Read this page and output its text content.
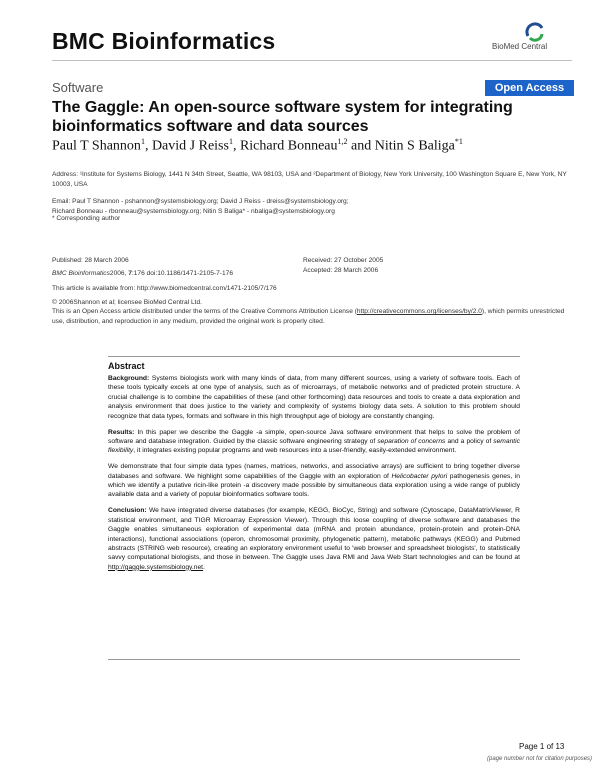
BMC Bioinformatics	BioMed Central
Software	Open Access
The Gaggle: An open-source software system for integrating bioinformatics software and data sources
Paul T Shannon$^1$, David J Reiss$^1$, Richard Bonneau$^{1,2}$ and Nitin S Baliga$^{*1}$
Address: ¹Institute for Systems Biology, 1441 N 34th Street, Seattle, WA 98103, USA and ²Department of Biology, New York University, 100 Washington Square E, New York, NY 10003, USA
Email: Paul T Shannon - pshannon@systemsbiology.org; David J Reiss - dreiss@systemsbiology.org;
Richard Bonneau - rbonneau@systemsbiology.org; Nitin S Baliga* - nbaliga@systemsbiology.org
* Corresponding author
Published: 28 March 2006	Received: 27 October 2005
Accepted: 28 March 2006
BMC Bioinformatics2006, 7:176 doi:10.1186/1471-2105-7-176
This article is available from: http://www.biomedcentral.com/1471-2105/7/176
© 2006Shannon et al; licensee BioMed Central Ltd.
This is an Open Access article distributed under the terms of the Creative Commons Attribution License (http://creativecommons.org/licenses/by/2.0), which permits unrestricted use, distribution, and reproduction in any medium, provided the original work is properly cited.
Abstract

Background: Systems biologists work with many kinds of data, from many different sources, using a variety of software tools. Each of these tools typically excels at one type of analysis, such as of microarrays, of metabolic networks and of predicted protein structure. A crucial challenge is to combine the capabilities of these (and other forthcoming) data resources and tools to create a data exploration and analysis environment that does justice to the variety and complexity of systems biology data sets. A solution to this problem should recognize that data types, formats and software in this high throughput age of biology are constantly changing.

Results: In this paper we describe the Gaggle -a simple, open-source Java software environment that helps to solve the problem of software and database integration. Guided by the classic software engineering strategy of separation of concerns and a policy of semantic flexibility, it integrates existing popular programs and web resources into a user-friendly, easily-extended environment.

We demonstrate that four simple data types (names, matrices, networks, and associative arrays) are sufficient to bring together diverse databases and software. We highlight some capabilities of the Gaggle with an exploration of Helicobacter pylori pathogenesis genes, in which we identify a putative ricin-like protein -a discovery made possible by simultaneous data exploration using a wide range of publicly available data and a variety of popular bioinformatics software tools.

Conclusion: We have integrated diverse databases (for example, KEGG, BioCyc, String) and software (Cytoscape, DataMatrixViewer, R statistical environment, and TIGR Microarray Expression Viewer). Through this loose coupling of diverse software and databases the Gaggle enables simultaneous exploration of experimental data (mRNA and protein abundance, protein-protein and protein-DNA interactions), functional associations (operon, chromosomal proximity, phylogenetic pattern), metabolic pathways (KEGG) and Pubmed abstracts (STRING web resource), creating an exploratory environment useful to 'web browser and spreadsheet biologists', to statistically savvy computational biologists, and those in between. The Gaggle uses Java RMI and Java Web Start technologies and can be found at http://gaggle.systemsbiology.net.

Page 1 of 13
(page number not for citation purposes)
